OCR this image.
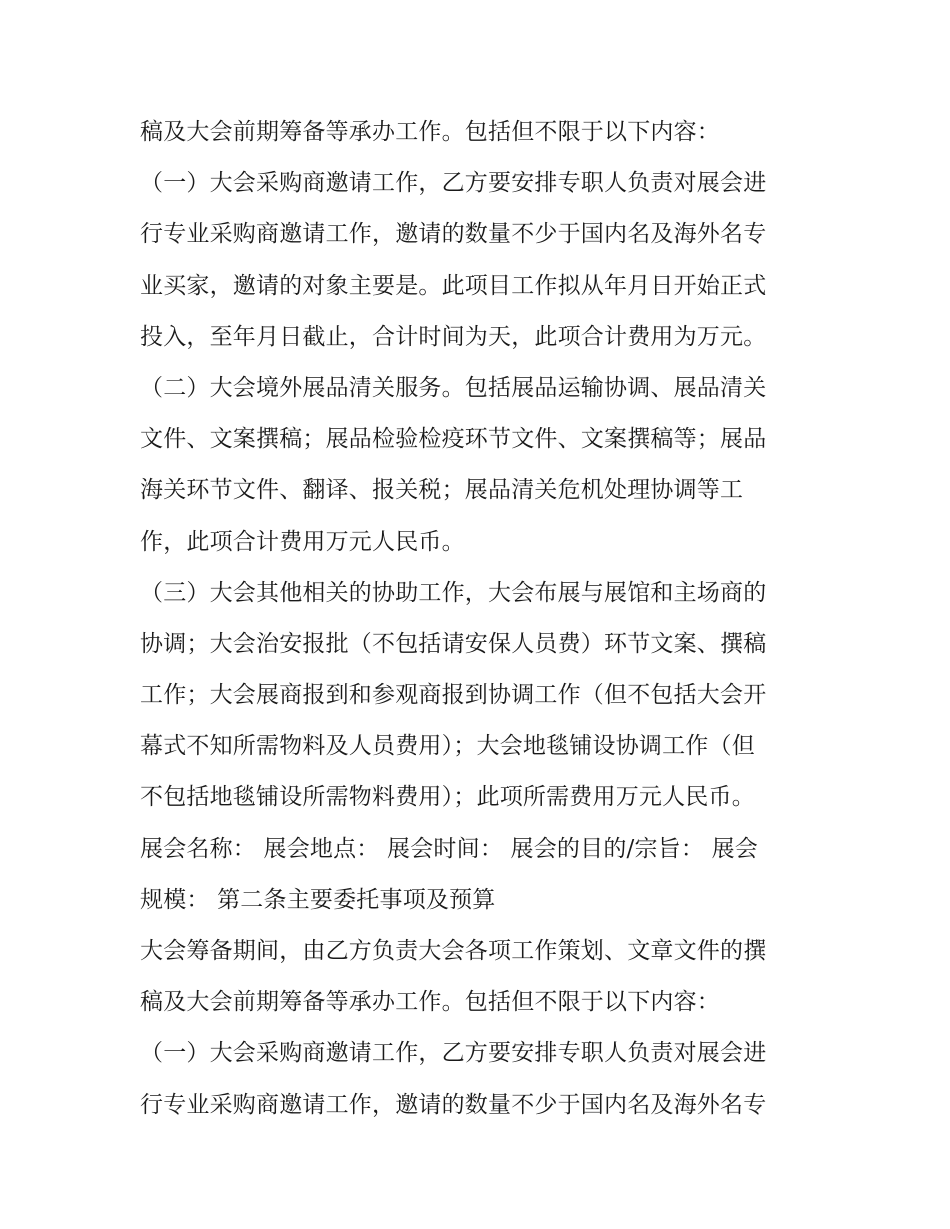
稿及大会前期筹备等承办工作。包括但不限于以下内容：
（一）大会采购商邀请工作，乙方要安排专职人负责对展会进
行专业采购商邀请工作，邀请的数量不少于国内名及海外名专
业买家，邀请的对象主要是。此项目工作拟从年月日开始正式
投入，至年月日截止，合计时间为天，此项合计费用为万元。
（二）大会境外展品清关服务。包括展品运输协调、展品清关
文件、文案撰稿；展品检验检疫环节文件、文案撰稿等；展品
海关环节文件、翻译、报关税；展品清关危机处理协调等工
作，此项合计费用万元人民币。
（三）大会其他相关的协助工作，大会布展与展馆和主场商的
协调；大会治安报批（不包括请安保人员费）环节文案、撰稿
工作；大会展商报到和参观商报到协调工作（但不包括大会开
幕式不知所需物料及人员费用）；大会地毯铺设协调工作（但
不包括地毯铺设所需物料费用）；此项所需费用万元人民币。
展会名称： 展会地点： 展会时间： 展会的目的/宗旨： 展会
规模： 第二条主要委托事项及预算
大会筹备期间，由乙方负责大会各项工作策划、文章文件的撰
稿及大会前期筹备等承办工作。包括但不限于以下内容：
（一）大会采购商邀请工作，乙方要安排专职人负责对展会进
行专业采购商邀请工作，邀请的数量不少于国内名及海外名专
